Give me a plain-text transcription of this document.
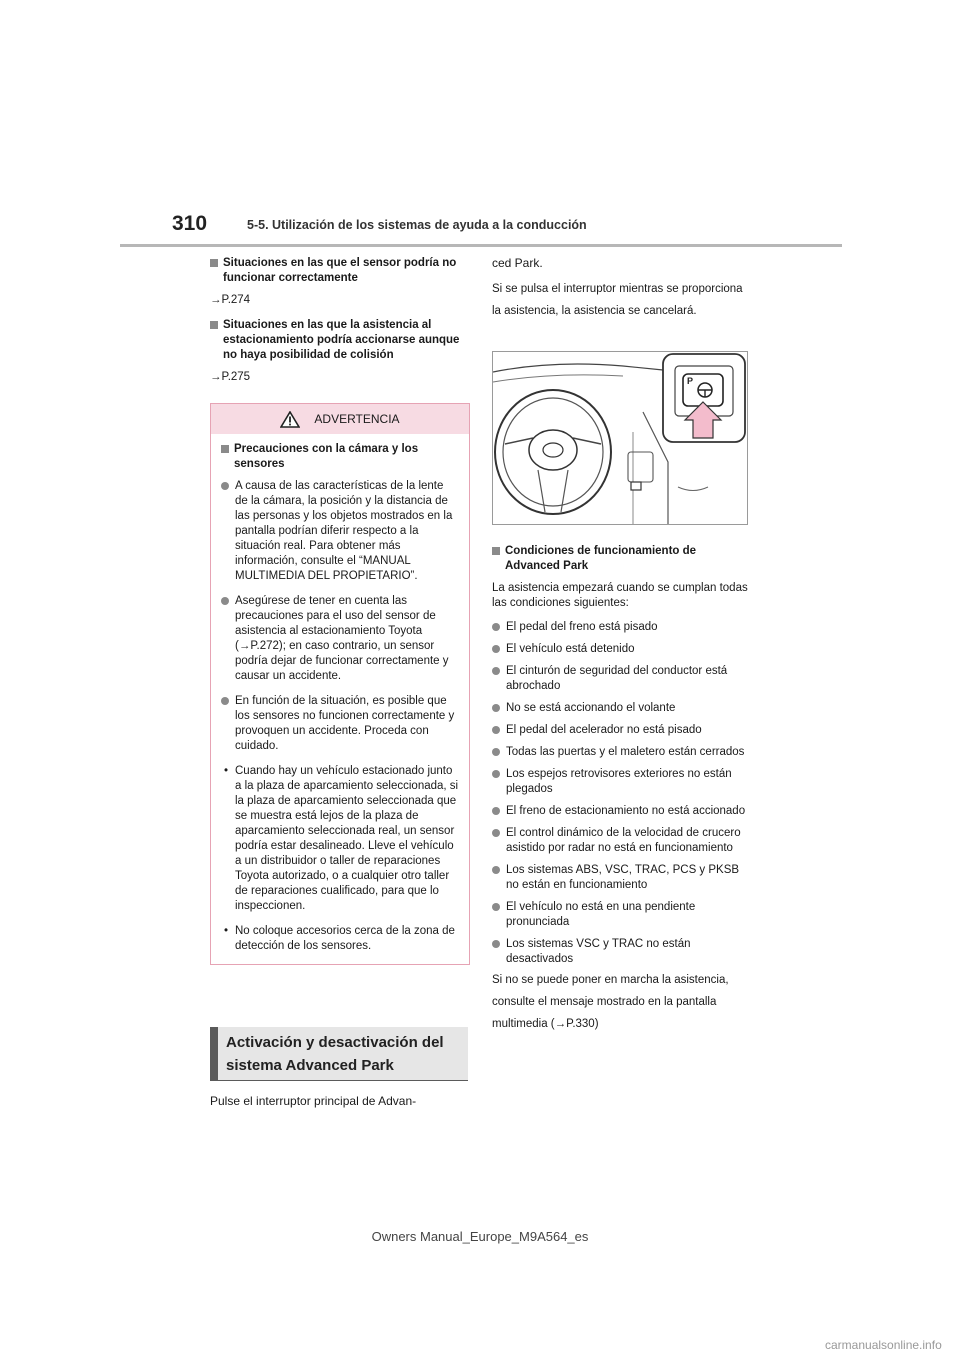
310	5-5. Utilización de los sistemas de ayuda a la conducción
Situaciones en las que el sensor podría no funcionar correctamente
→P.274
Situaciones en las que la asistencia al estacionamiento podría accionarse aunque no haya posibilidad de colisión
→P.275
ADVERTENCIA
Precauciones con la cámara y los sensores
A causa de las características de la lente de la cámara, la posición y la distancia de las personas y los objetos mostrados en la pantalla podrían diferir respecto a la situación real. Para obtener más información, consulte el “MANUAL MULTIMEDIA DEL PROPIETARIO”.
Asegúrese de tener en cuenta las precauciones para el uso del sensor de asistencia al estacionamiento Toyota (→P.272); en caso contrario, un sensor podría dejar de funcionar correctamente y causar un accidente.
En función de la situación, es posible que los sensores no funcionen correctamente y provoquen un accidente. Proceda con cuidado.
• Cuando hay un vehículo estacionado junto a la plaza de aparcamiento seleccionada, si la plaza de aparcamiento seleccionada que se muestra está lejos de la plaza de aparcamiento seleccionada real, un sensor podría estar desalineado. Lleve el vehículo a un distribuidor o taller de reparaciones Toyota autorizado, o a cualquier otro taller de reparaciones cualificado, para que lo inspeccionen.
• No coloque accesorios cerca de la zona de detección de los sensores.
Activación y desactivación del sistema Advanced Park
Pulse el interruptor principal de Advan-
ced Park.
Si se pulsa el interruptor mientras se proporciona la asistencia, la asistencia se cancelará.
P
Condiciones de funcionamiento de Advanced Park
La asistencia empezará cuando se cumplan todas las condiciones siguientes:
El pedal del freno está pisado
El vehículo está detenido
El cinturón de seguridad del conductor está abrochado
No se está accionando el volante
El pedal del acelerador no está pisado
Todas las puertas y el maletero están cerrados
Los espejos retrovisores exteriores no están plegados
El freno de estacionamiento no está accionado
El control dinámico de la velocidad de crucero asistido por radar no está en funcionamiento
Los sistemas ABS, VSC, TRAC, PCS y PKSB no están en funcionamiento
El vehículo no está en una pendiente pronunciada
Los sistemas VSC y TRAC no están desactivados
Si no se puede poner en marcha la asistencia, consulte el mensaje mostrado en la pantalla multimedia (→P.330)
Owners Manual_Europe_M9A564_es
carmanualsonline.info
